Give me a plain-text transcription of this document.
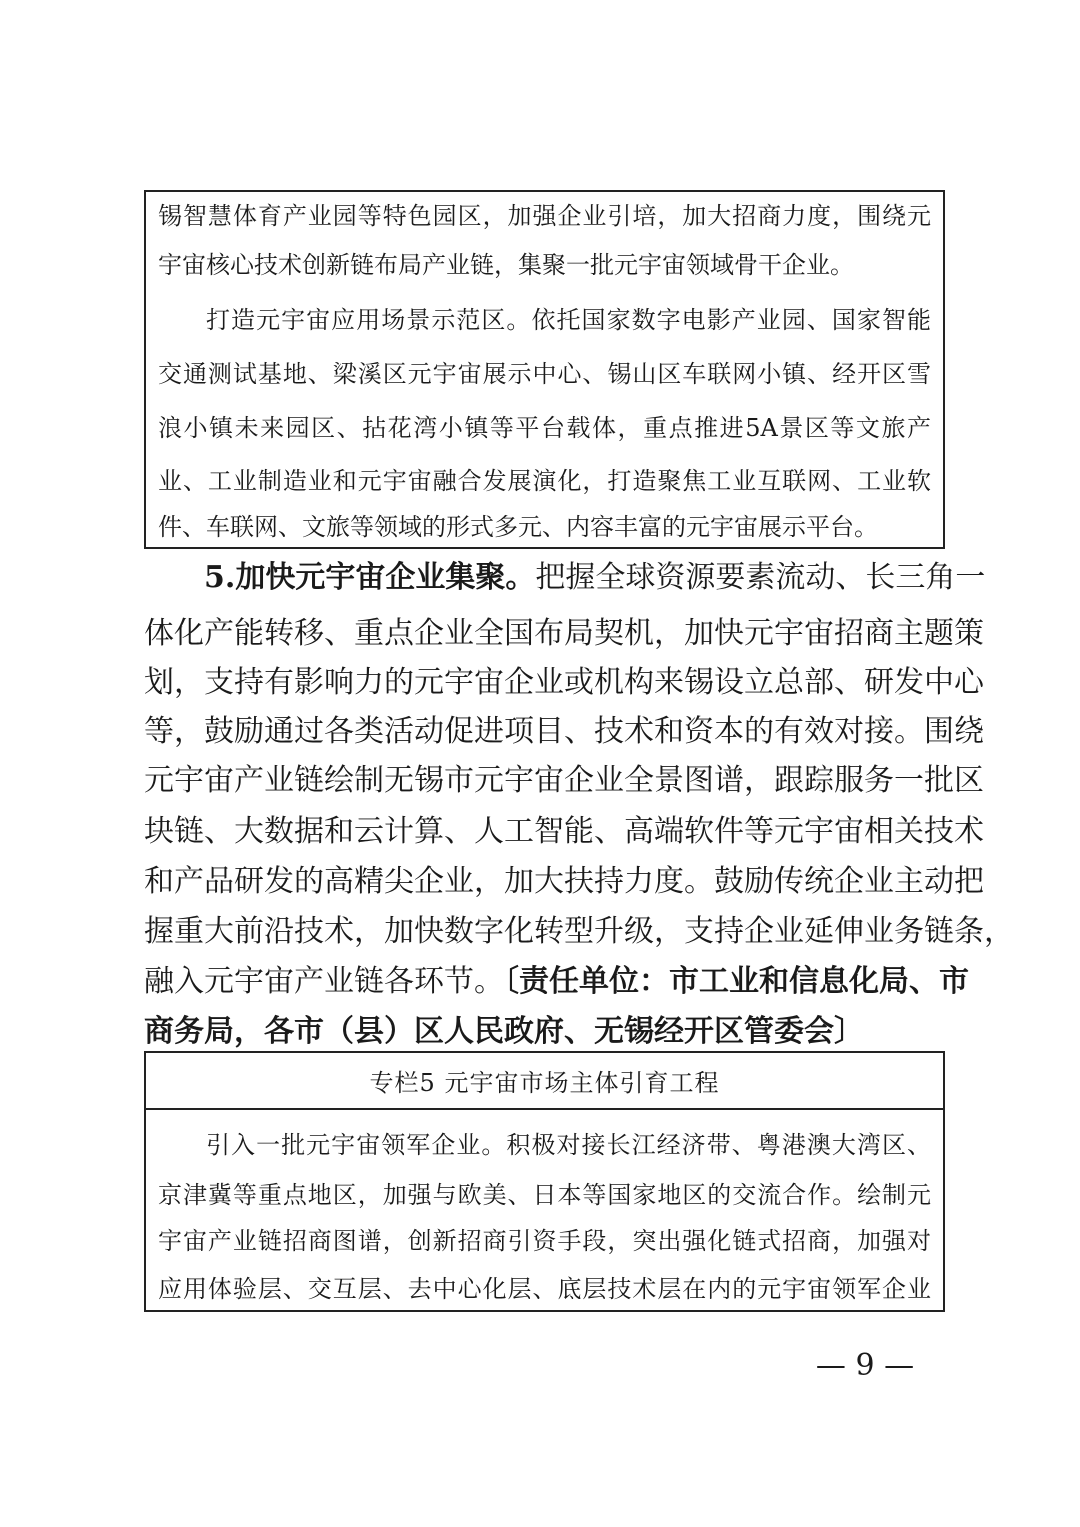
锡智慧体育产业园等特色园区，加强企业引培，加大招商力度，围绕元
宇宙核心技术创新链布局产业链，集聚一批元宇宙领域骨干企业。
打造元宇宙应用场景示范区。依托国家数字电影产业园、国家智能
交通测试基地、梁溪区元宇宙展示中心、锡山区车联网小镇、经开区雪
浪小镇未来园区、拈花湾小镇等平台载体，重点推进5A景区等文旅产
业、工业制造业和元宇宙融合发展演化，打造聚焦工业互联网、工业软
件、车联网、文旅等领域的形式多元、内容丰富的元宇宙展示平台。
5.加快元宇宙企业集聚。把握全球资源要素流动、长三角一
体化产能转移、重点企业全国布局契机，加快元宇宙招商主题策
划，支持有影响力的元宇宙企业或机构来锡设立总部、研发中心
等，鼓励通过各类活动促进项目、技术和资本的有效对接。围绕
元宇宙产业链绘制无锡市元宇宙企业全景图谱，跟踪服务一批区
块链、大数据和云计算、人工智能、高端软件等元宇宙相关技术
和产品研发的高精尖企业，加大扶持力度。鼓励传统企业主动把
握重大前沿技术，加快数字化转型升级，支持企业延伸业务链条，
融入元宇宙产业链各环节。〔责任单位：市工业和信息化局、市
商务局，各市（县）区人民政府、无锡经开区管委会〕
专栏5 元宇宙市场主体引育工程
引入一批元宇宙领军企业。积极对接长江经济带、粤港澳大湾区、
京津冀等重点地区，加强与欧美、日本等国家地区的交流合作。绘制元
宇宙产业链招商图谱，创新招商引资手段，突出强化链式招商，加强对
应用体验层、交互层、去中心化层、底层技术层在内的元宇宙领军企业
— 9 —
